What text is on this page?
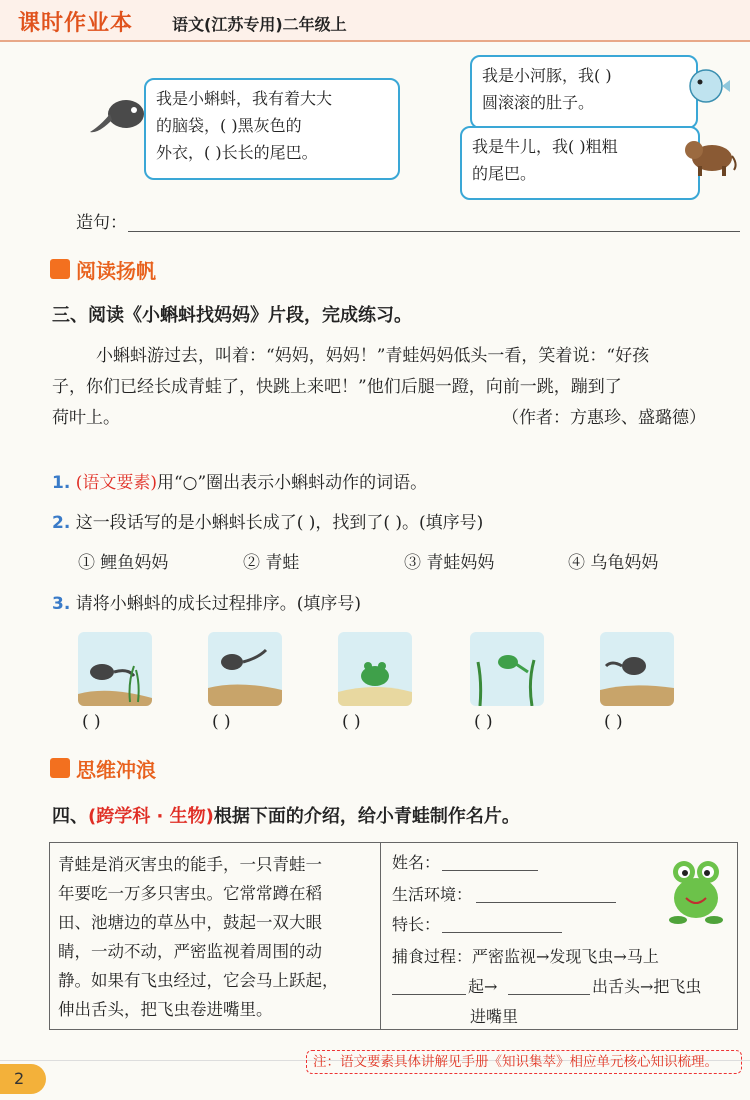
课时作业本 语文(江苏专用)二年级上
我是小蝌蚪，我有着大大
的脑袋，( )黑灰色的
外衣，( )长长的尾巴。
我是小河豚，我( )
圆滚滚的肚子。
我是牛儿，我( )粗粗
的尾巴。
造句：
阅读扬帆
三、阅读《小蝌蚪找妈妈》片段，完成练习。
小蝌蚪游过去，叫着：“妈妈，妈妈！”青蛙妈妈低头一看，笑着说：“好孩
子，你们已经长成青蛙了，快跳上来吧！”他们后腿一蹬，向前一跳，蹦到了
荷叶上。	（作者：方惠珍、盛璐德）
1. (语文要素)用“○”圈出表示小蝌蚪动作的词语。
2. 这一段话写的是小蝌蚪长成了( )，找到了( )。(填序号)
① 鲤鱼妈妈	② 青蛙	③ 青蛙妈妈	④ 乌龟妈妈
3. 请将小蝌蚪的成长过程排序。(填序号)
( )	( )	( )	( )	( )
思维冲浪
四、(跨学科 · 生物)根据下面的介绍，给小青蛙制作名片。
青蛙是消灭害虫的能手，一只青蛙一
年要吃一万多只害虫。它常常蹲在稻
田、池塘边的草丛中，鼓起一双大眼
睛，一动不动，严密监视着周围的动
静。如果有飞虫经过，它会马上跃起，
伸出舌头，把飞虫卷进嘴里。
姓名：
生活环境：
特长：
捕食过程：严密监视→发现飞虫→马上
起→	出舌头→把飞虫
进嘴里
注：语文要素具体讲解见手册《知识集萃》相应单元核心知识梳理。
2
